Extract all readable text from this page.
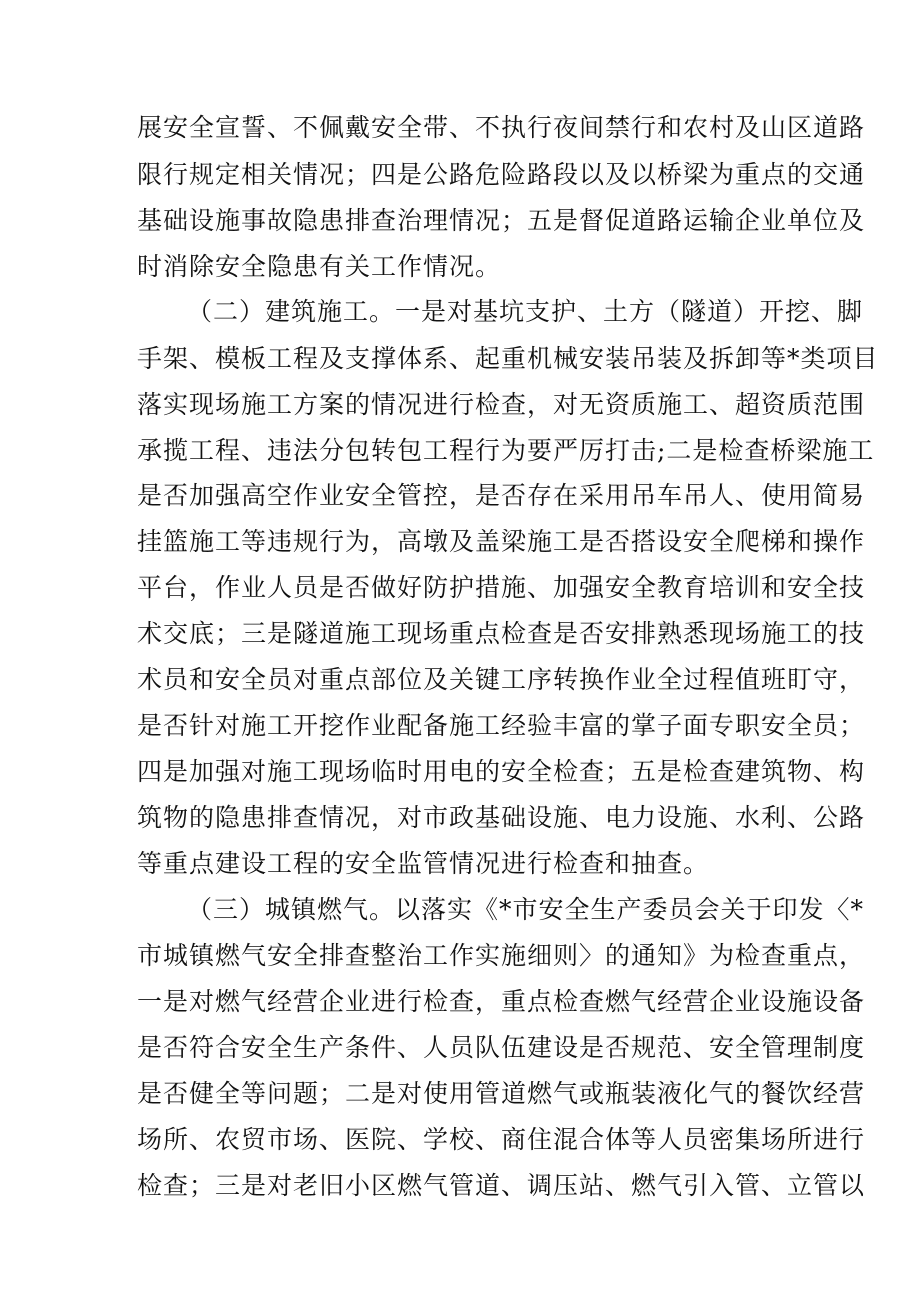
展安全宣誓、不佩戴安全带、不执行夜间禁行和农村及山区道路
限行规定相关情况；四是公路危险路段以及以桥梁为重点的交通
基础设施事故隐患排查治理情况；五是督促道路运输企业单位及
时消除安全隐患有关工作情况。
（二）建筑施工。一是对基坑支护、土方（隧道）开挖、脚
手架、模板工程及支撑体系、起重机械安装吊装及拆卸等*类项目
落实现场施工方案的情况进行检查，对无资质施工、超资质范围
承揽工程、违法分包转包工程行为要严厉打击;二是检查桥梁施工
是否加强高空作业安全管控，是否存在采用吊车吊人、使用简易
挂篮施工等违规行为，高墩及盖梁施工是否搭设安全爬梯和操作
平台，作业人员是否做好防护措施、加强安全教育培训和安全技
术交底；三是隧道施工现场重点检查是否安排熟悉现场施工的技
术员和安全员对重点部位及关键工序转换作业全过程值班盯守，
是否针对施工开挖作业配备施工经验丰富的掌子面专职安全员；
四是加强对施工现场临时用电的安全检查；五是检查建筑物、构
筑物的隐患排查情况，对市政基础设施、电力设施、水利、公路
等重点建设工程的安全监管情况进行检查和抽查。
（三）城镇燃气。以落实《*市安全生产委员会关于印发〈*
市城镇燃气安全排查整治工作实施细则〉的通知》为检查重点，
一是对燃气经营企业进行检查，重点检查燃气经营企业设施设备
是否符合安全生产条件、人员队伍建设是否规范、安全管理制度
是否健全等问题；二是对使用管道燃气或瓶装液化气的餐饮经营
场所、农贸市场、医院、学校、商住混合体等人员密集场所进行
检查；三是对老旧小区燃气管道、调压站、燃气引入管、立管以
